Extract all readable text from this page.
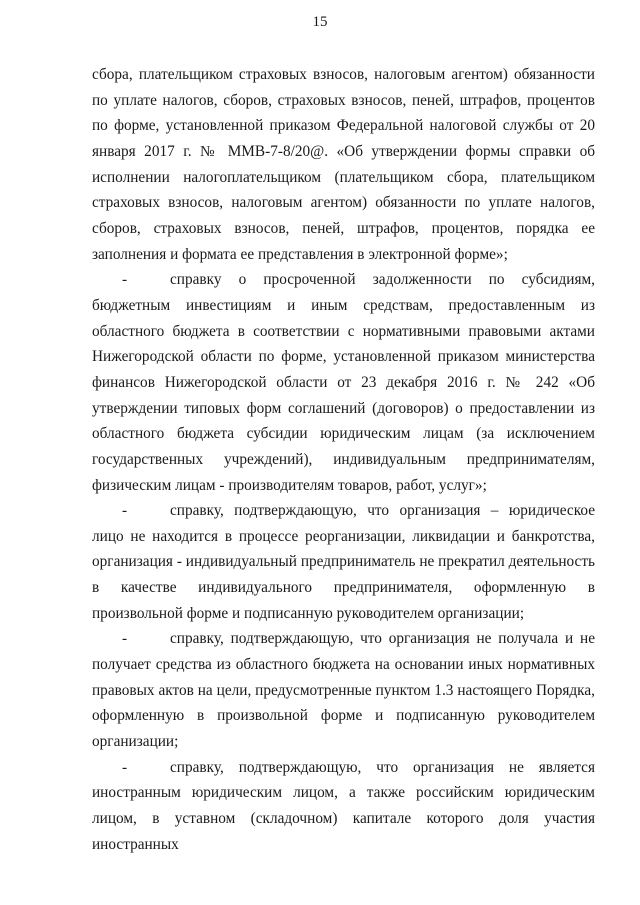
15

сбора, плательщиком страховых взносов, налоговым агентом) обязанности по уплате налогов, сборов, страховых взносов, пеней, штрафов, процентов по форме, установленной приказом Федеральной налоговой службы от 20 января 2017 г. № ММВ-7-8/20@. «Об утверждении формы справки об исполнении налогоплательщиком (плательщиком сбора, плательщиком страховых взносов, налоговым агентом) обязанности по уплате налогов, сборов, страховых взносов, пеней, штрафов, процентов, порядка ее заполнения и формата ее представления в электронной форме»;

-	справку о просроченной задолженности по субсидиям, бюджетным инвестициям и иным средствам, предоставленным из областного бюджета в соответствии с нормативными правовыми актами Нижегородской области по форме, установленной приказом министерства финансов Нижегородской области от 23 декабря 2016 г. № 242 «Об утверждении типовых форм соглашений (договоров) о предоставлении из областного бюджета субсидии юридическим лицам (за исключением государственных учреждений), индивидуальным предпринимателям, физическим лицам - производителям товаров, работ, услуг»;

-	справку, подтверждающую, что организация – юридическое лицо не находится в процессе реорганизации, ликвидации и банкротства, организация - индивидуальный предприниматель не прекратил деятельность в качестве индивидуального предпринимателя, оформленную в произвольной форме и подписанную руководителем организации;

-	справку, подтверждающую, что организация не получала и не получает средства из областного бюджета на основании иных нормативных правовых актов на цели, предусмотренные пунктом 1.3 настоящего Порядка, оформленную в произвольной форме и подписанную руководителем организации;

-	справку, подтверждающую, что организация не является иностранным юридическим лицом, а также российским юридическим лицом, в уставном (складочном) капитале которого доля участия иностранных
